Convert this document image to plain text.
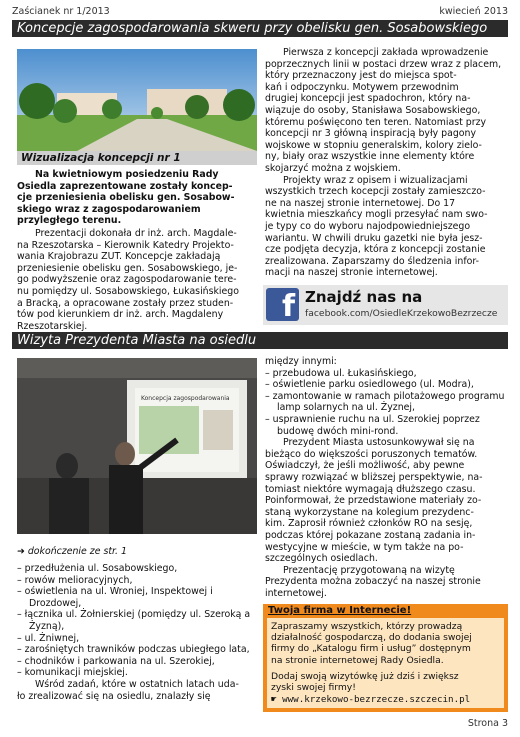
Zaścianek nr 1/2013	kwiecień 2013
Koncepcje zagospodarowania skweru przy obelisku gen. Sosabowskiego
Wizualizacja koncepcji nr 1

Na kwietniowym posiedzeniu Rady

Osiedla zaprezentowane zostały koncep-

cje przeniesienia obelisku gen. Sosabow-

skiego wraz z zagospodarowaniem

przyległego terenu.

Prezentacji dokonała dr inż. arch. Magdale-

na Rzeszotarska – Kierownik Katedry Projekto-

wania Krajobrazu ZUT. Koncepcje zakładają

przeniesienie obelisku gen. Sosabowskiego, je-

go podwyższenie oraz zagospodarowanie tere-

nu pomiędzy ul. Sosabowskiego, Łukasińskiego

a Bracką, a opracowane zostały przez studen-

tów pod kierunkiem dr inż. arch. Magdaleny

Rzeszotarskiej.

Pierwsza z koncepcji zakłada wprowadzenie

poprzecznych linii w postaci drzew wraz z placem,

który przeznaczony jest do miejsca spot-

kań i odpoczynku. Motywem przewodnim

drugiej koncepcji jest spadochron, który na-

wiązuje do osoby, Stanisława Sosabowskiego,

któremu poświęcono ten teren. Natomiast przy

koncepcji nr 3 główną inspiracją były pagony

wojskowe w stopniu generalskim, kolory zielo-

ny, biały oraz wszystkie inne elementy które

skojarzyć można z wojskiem.

Projekty wraz z opisem i wizualizacjami

wszystkich trzech kocepcji zostały zamieszczo-

ne na naszej stronie internetowej. Do 17

kwietnia mieszkańcy mogli przesyłać nam swo-

je typy co do wyboru najodpowiedniejszego

wariantu. W chwili druku gazetki nie była jesz-

cze podjęta decyzja, która z koncepcji zostanie

zrealizowana. Zaparszamy do śledzenia infor-

macji na naszej stronie internetowej.

f Znajdź nas na
facebook.com/OsiedleKrzekowoBezrzecze
Wizyta Prezydenta Miasta na osiedlu
Koncepcja zagospodarowania
➜ dokończenie ze str. 1
– przedłużenia ul. Sosabowskiego,
– rowów melioracyjnych,
– oświetlenia na ul. Wroniej, Inspektowej i Drozdowej,
– łącznika ul. Żołnierskiej (pomiędzy ul. Szeroką a Żyzną),
– ul. Żniwnej,
– zarośniętych trawników podczas ubiegłego lata,
– chodników i parkowania na ul. Szerokiej,
– komunikacji miejskiej.

Wśród zadań, które w ostatnich latach uda-

ło zrealizować się na osiedlu, znalazły się

między innymi:

– przebudowa ul. Łukasińskiego,
– oświetlenie parku osiedlowego (ul. Modra),
– zamontowanie w ramach pilotażowego programu lamp solarnych na ul. Żyznej,
– usprawnienie ruchu na ul. Szerokiej poprzez budowę dwóch mini-rond.

Prezydent Miasta ustosunkowywał się na

bieżąco do większości poruszonych tematów.

Oświadczył, że jeśli możliwość, aby pewne

sprawy rozwiązać w bliższej perspektywie, na-

tomiast niektóre wymagają dłuższego czasu.

Poinformował, że przedstawione materiały zo-

staną wykorzystane na kolegium prezydenc-

kim. Zaprosił również członków RO na sesję,

podczas której pokazane zostaną zadania in-

westycyjne w mieście, w tym także na po-

szczególnych osiedlach.

Prezentację przygotowaną na wizytę

Prezydenta można zobaczyć na naszej stronie

internetowej.

Twoja firma w Internecie!

Zapraszamy wszystkich, którzy prowadzą

działalność gospodarczą, do dodania swojej

firmy do „Katalogu firm i usług” dostępnym

na stronie internetowej Rady Osiedla.

Dodaj swoją wizytówkę już dziś i zwiększ

zyski swojej firmy!

☛ www.krzekowo-bezrzecze.szczecin.pl
Strona 3
